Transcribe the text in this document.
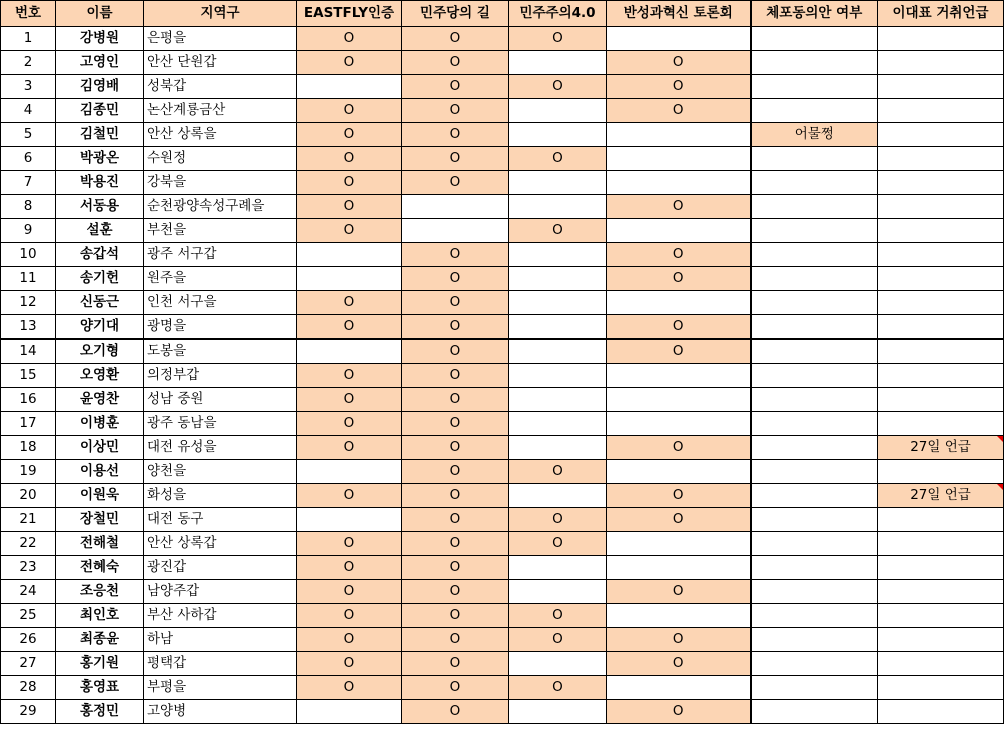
번호	이름	지역구	EASTFLY인증	민주당의 길	민주주의4.0	반성과혁신 토론회	체포동의안 여부	이대표 거취언급
1	강병원	은평을	O	O	O			
2	고영인	안산 단원갑	O	O		O		
3	김영배	성북갑		O	O	O		
4	김종민	논산계룡금산	O	O		O		
5	김철민	안산 상록을	O	O			어물쩡	
6	박광온	수원정	O	O	O			
7	박용진	강북을	O	O				
8	서동용	순천광양속성구례을	O			O		
9	설훈	부천을	O		O			
10	송갑석	광주 서구갑		O		O		
11	송기헌	원주을		O		O		
12	신동근	인천 서구을	O	O				
13	양기대	광명을	O	O		O		
14	오기형	도봉을		O		O		
15	오영환	의정부갑	O	O				
16	윤영찬	성남 중원	O	O				
17	이병훈	광주 동남을	O	O				
18	이상민	대전 유성을	O	O		O		27일 언급

19	이용선	양천을		O	O			
20	이원욱	화성을	O	O		O		27일 언급

21	장철민	대전 동구		O	O	O		
22	전해철	안산 상록갑	O	O	O			
23	전혜숙	광진갑	O	O				
24	조응천	남양주갑	O	O		O		
25	최인호	부산 사하갑	O	O	O			
26	최종윤	하남	O	O	O	O		
27	홍기원	평택갑	O	O		O		
28	홍영표	부평을	O	O	O			
29	홍정민	고양병		O		O		
